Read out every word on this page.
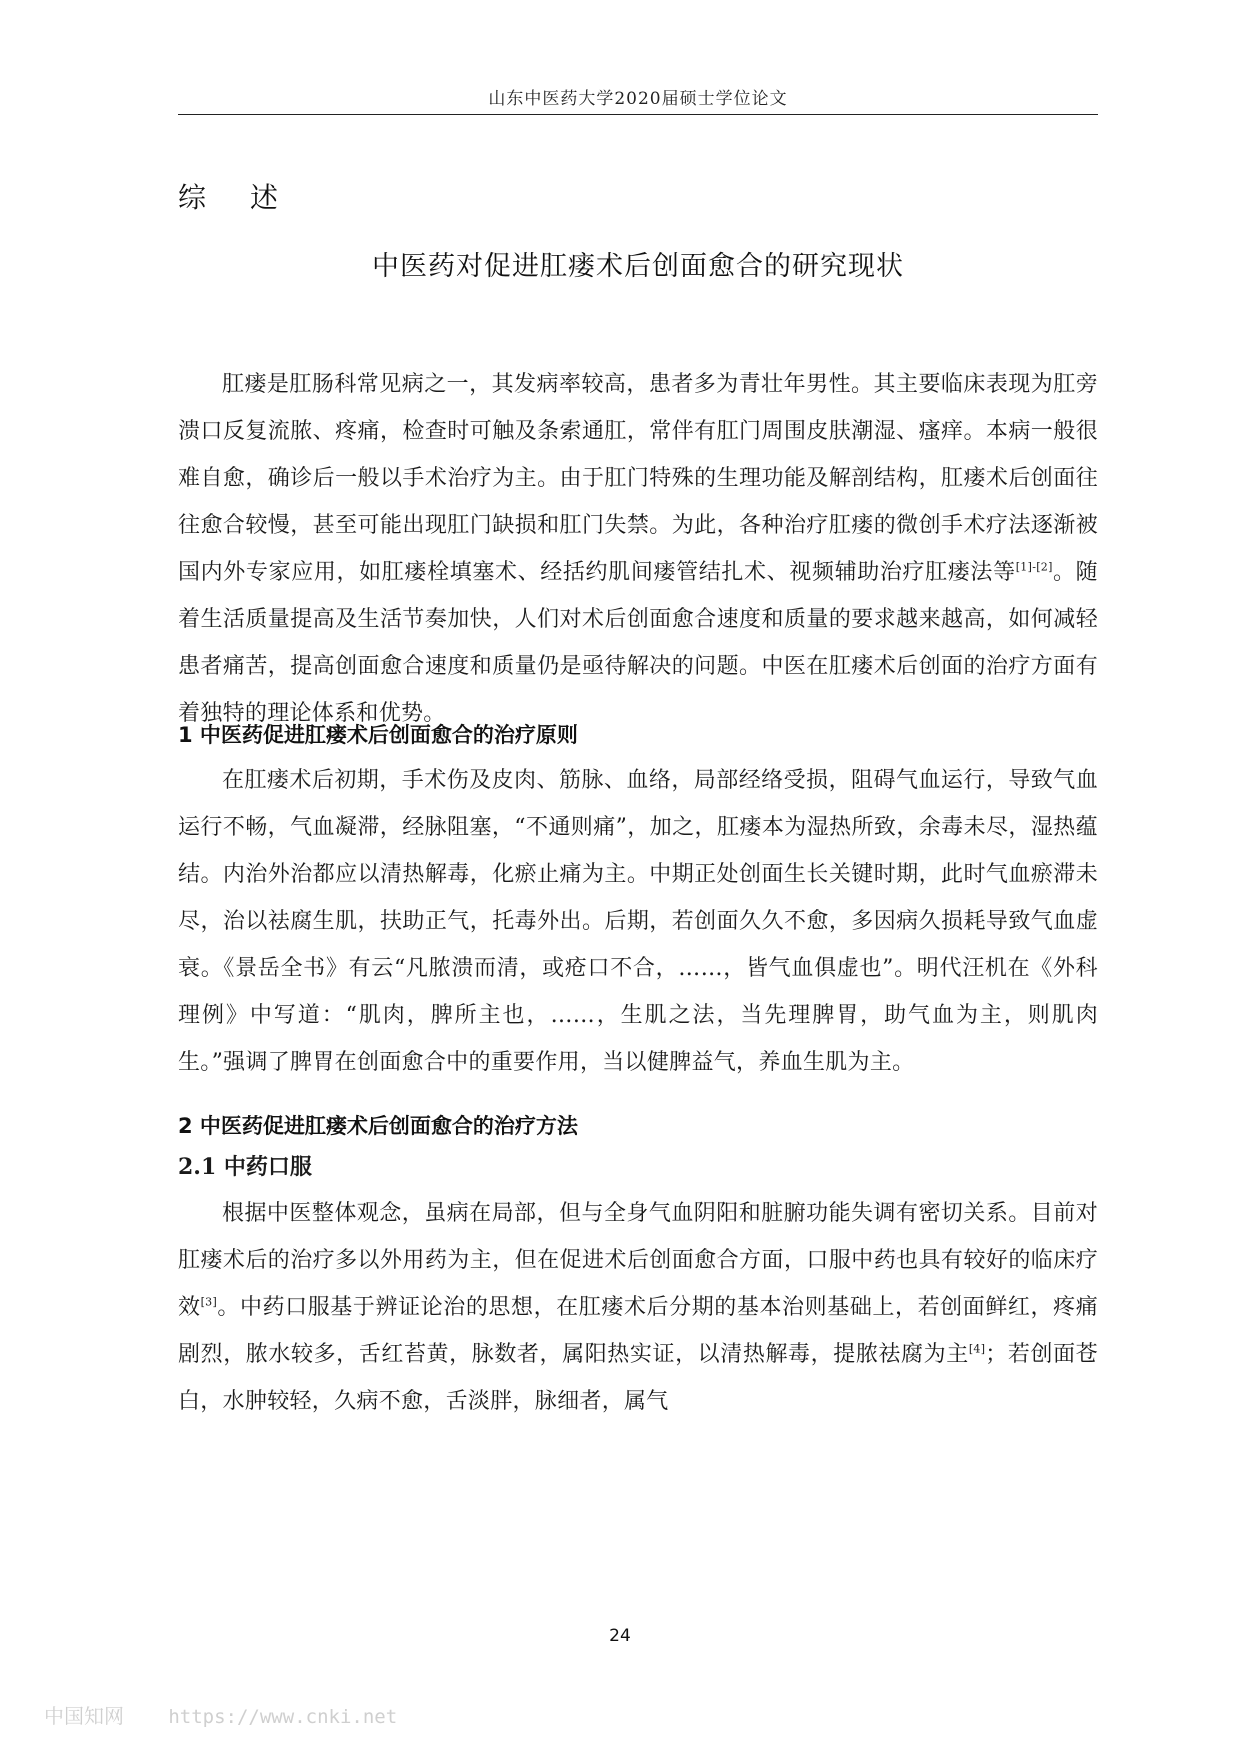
山东中医药大学2020届硕士学位论文
综述
中医药对促进肛瘘术后创面愈合的研究现状

肛瘘是肛肠科常见病之一，其发病率较高，患者多为青壮年男性。其主要临床表现为肛旁溃口反复流脓、疼痛，检查时可触及条索通肛，常伴有肛门周围皮肤潮湿、瘙痒。本病一般很难自愈，确诊后一般以手术治疗为主。由于肛门特殊的生理功能及解剖结构，肛瘘术后创面往往愈合较慢，甚至可能出现肛门缺损和肛门失禁。为此，各种治疗肛瘘的微创手术疗法逐渐被国内外专家应用，如肛瘘栓填塞术、经括约肌间瘘管结扎术、视频辅助治疗肛瘘法等[1]-[2]。随着生活质量提高及生活节奏加快，人们对术后创面愈合速度和质量的要求越来越高，如何减轻患者痛苦，提高创面愈合速度和质量仍是亟待解决的问题。中医在肛瘘术后创面的治疗方面有着独特的理论体系和优势。

1 中医药促进肛瘘术后创面愈合的治疗原则

在肛瘘术后初期，手术伤及皮肉、筋脉、血络，局部经络受损，阻碍气血运行，导致气血运行不畅，气血凝滞，经脉阻塞，“不通则痛”，加之，肛瘘本为湿热所致，余毒未尽，湿热蕴结。内治外治都应以清热解毒，化瘀止痛为主。中期正处创面生长关键时期，此时气血瘀滞未尽，治以祛腐生肌，扶助正气，托毒外出。后期，若创面久久不愈，多因病久损耗导致气血虚衰。《景岳全书》有云“凡脓溃而清，或疮口不合，……，皆气血俱虚也”。明代汪机在《外科理例》中写道：“肌肉，脾所主也，……，生肌之法，当先理脾胃，助气血为主，则肌肉生。”强调了脾胃在创面愈合中的重要作用，当以健脾益气，养血生肌为主。

2 中医药促进肛瘘术后创面愈合的治疗方法
2.1 中药口服

根据中医整体观念，虽病在局部，但与全身气血阴阳和脏腑功能失调有密切关系。目前对肛瘘术后的治疗多以外用药为主，但在促进术后创面愈合方面，口服中药也具有较好的临床疗效[3]。中药口服基于辨证论治的思想，在肛瘘术后分期的基本治则基础上，若创面鲜红，疼痛剧烈，脓水较多，舌红苔黄，脉数者，属阳热实证，以清热解毒，提脓祛腐为主[4]；若创面苍白，水肿较轻，久病不愈，舌淡胖，脉细者，属气

24
中国知网 https://www.cnki.net
